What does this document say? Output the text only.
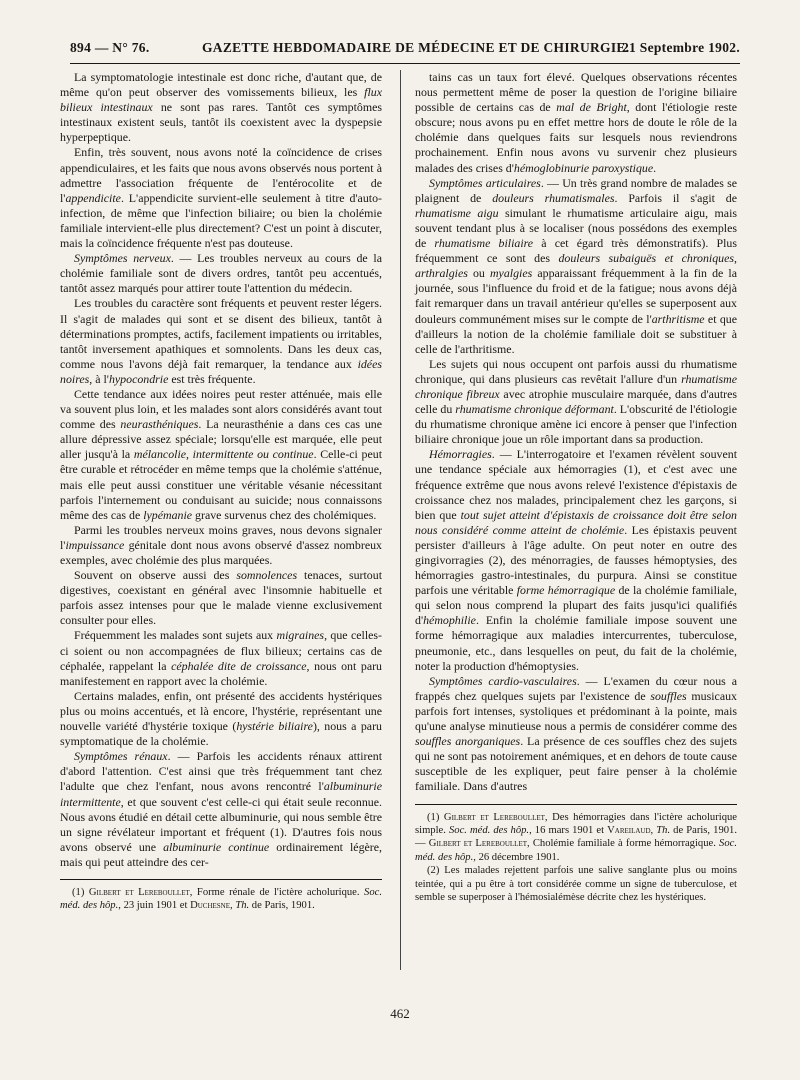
894 — N° 76.	GAZETTE HEBDOMADAIRE DE MÉDECINE ET DE CHIRURGIE.
21 Septembre 1902.

La symptomatologie intestinale est donc riche, d'autant que, de même qu'on peut observer des vomissements bilieux, les flux bilieux intestinaux ne sont pas rares. Tantôt ces symptômes intestinaux existent seuls, tantôt ils coexistent avec la dyspepsie hyperpeptique.

Enfin, très souvent, nous avons noté la coïncidence de crises appendiculaires, et les faits que nous avons observés nous portent à admettre l'association fréquente de l'entérocolite et de l'appendicite. L'appendicite survient-elle seulement à titre d'auto-infection, de même que l'infection biliaire; ou bien la cholémie familiale intervient-elle plus directement? C'est un point à discuter, mais la coïncidence fréquente n'est pas douteuse.

Symptômes nerveux. — Les troubles nerveux au cours de la cholémie familiale sont de divers ordres, tantôt peu accentués, tantôt assez marqués pour attirer toute l'attention du médecin.

Les troubles du caractère sont fréquents et peuvent rester légers. Il s'agit de malades qui sont et se disent des bilieux, tantôt à déterminations promptes, actifs, facilement impatients ou irritables, tantôt inversement apathiques et somnolents. Dans les deux cas, comme nous l'avons déjà fait remarquer, la tendance aux idées noires, à l'hypocondrie est très fréquente.

Cette tendance aux idées noires peut rester atténuée, mais elle va souvent plus loin, et les malades sont alors considérés avant tout comme des neurasthéniques. La neurasthénie a dans ces cas une allure dépressive assez spéciale; lorsqu'elle est marquée, elle peut aller jusqu'à la mélancolie, intermittente ou continue. Celle-ci peut être curable et rétrocéder en même temps que la cholémie s'atténue, mais elle peut aussi constituer une véritable vésanie nécessitant parfois l'internement ou conduisant au suicide; nous connaissons même des cas de lypémanie grave survenus chez des cholémiques.

Parmi les troubles nerveux moins graves, nous devons signaler l'impuissance génitale dont nous avons observé d'assez nombreux exemples, avec cholémie des plus marquées.

Souvent on observe aussi des somnolences tenaces, surtout digestives, coexistant en général avec l'insomnie habituelle et parfois assez intenses pour que le malade vienne exclusivement consulter pour elles.

Fréquemment les malades sont sujets aux migraines, que celles-ci soient ou non accompagnées de flux bilieux; certains cas de céphalée, rappelant la céphalée dite de croissance, nous ont paru manifestement en rapport avec la cholémie.

Certains malades, enfin, ont présenté des accidents hystériques plus ou moins accentués, et là encore, l'hystérie, représentant une nouvelle variété d'hystérie toxique (hystérie biliaire), nous a paru symptomatique de la cholémie.

Symptômes rénaux. — Parfois les accidents rénaux attirent d'abord l'attention. C'est ainsi que très fréquemment tant chez l'adulte que chez l'enfant, nous avons rencontré l'albuminurie intermittente, et que souvent c'est celle-ci qui était seule reconnue. Nous avons étudié en détail cette albuminurie, qui nous semble être un signe révélateur important et fréquent (1). D'autres fois nous avons observé une albuminurie continue ordinairement légère, mais qui peut atteindre des cer-

(1) Gilbert et Lereboullet, Forme rénale de l'ictère acholurique. Soc. méd. des hôp., 23 juin 1901 et Duchesne, Th. de Paris, 1901.

tains cas un taux fort élevé. Quelques observations récentes nous permettent même de poser la question de l'origine biliaire possible de certains cas de mal de Bright, dont l'étiologie reste obscure; nous avons pu en effet mettre hors de doute le rôle de la cholémie dans quelques faits sur lesquels nous reviendrons prochainement. Enfin nous avons vu survenir chez plusieurs malades des crises d'hémoglobinurie paroxystique.

Symptômes articulaires. — Un très grand nombre de malades se plaignent de douleurs rhumatismales. Parfois il s'agit de rhumatisme aigu simulant le rhumatisme articulaire aigu, mais souvent tendant plus à se localiser (nous possédons des exemples de rhumatisme biliaire à cet égard très démonstratifs). Plus fréquemment ce sont des douleurs subaiguës et chroniques, arthralgies ou myalgies apparaissant fréquemment à la fin de la journée, sous l'influence du froid et de la fatigue; nous avons déjà fait remarquer dans un travail antérieur qu'elles se superposent aux douleurs communément mises sur le compte de l'arthritisme et que d'ailleurs la notion de la cholémie familiale doit se substituer à celle de l'arthritisme.

Les sujets qui nous occupent ont parfois aussi du rhumatisme chronique, qui dans plusieurs cas revêtait l'allure d'un rhumatisme chronique fibreux avec atrophie musculaire marquée, dans d'autres celle du rhumatisme chronique déformant. L'obscurité de l'étiologie du rhumatisme chronique amène ici encore à penser que l'infection biliaire chronique joue un rôle important dans sa production.

Hémorragies. — L'interrogatoire et l'examen révèlent souvent une tendance spéciale aux hémorragies (1), et c'est avec une fréquence extrême que nous avons relevé l'existence d'épistaxis de croissance chez nos malades, principalement chez les garçons, si bien que tout sujet atteint d'épistaxis de croissance doit être selon nous considéré comme atteint de cholémie. Les épistaxis peuvent persister d'ailleurs à l'âge adulte. On peut noter en outre des gingivorragies (2), des ménorragies, de fausses hémoptysies, des hémorragies gastro-intestinales, du purpura. Ainsi se constitue parfois une véritable forme hémorragique de la cholémie familiale, qui selon nous comprend la plupart des faits jusqu'ici qualifiés d'hémophilie. Enfin la cholémie familiale impose souvent une forme hémorragique aux maladies intercurrentes, tuberculose, pneumonie, etc., dans lesquelles on peut, du fait de la cholémie, noter la production d'hémoptysies.

Symptômes cardio-vasculaires. — L'examen du cœur nous a frappés chez quelques sujets par l'existence de souffles musicaux parfois fort intenses, systoliques et prédominant à la pointe, mais qu'une analyse minutieuse nous a permis de considérer comme des souffles anorganiques. La présence de ces souffles chez des sujets qui ne sont pas notoirement anémiques, et en dehors de toute cause susceptible de les expliquer, peut faire penser à la cholémie familiale. Dans d'autres

(1) Gilbert et Lereboullet, Des hémorragies dans l'ictère acholurique simple. Soc. méd. des hôp., 16 mars 1901 et Vareilaud, Th. de Paris, 1901. — Gilbert et Lereboullet, Cholémie familiale à forme hémorragique. Soc. méd. des hôp., 26 décembre 1901.

(2) Les malades rejettent parfois une salive sanglante plus ou moins teintée, qui a pu être à tort considérée comme un signe de tuberculose, et semble se superposer à l'hémosialémèse décrite chez les hystériques.

462
